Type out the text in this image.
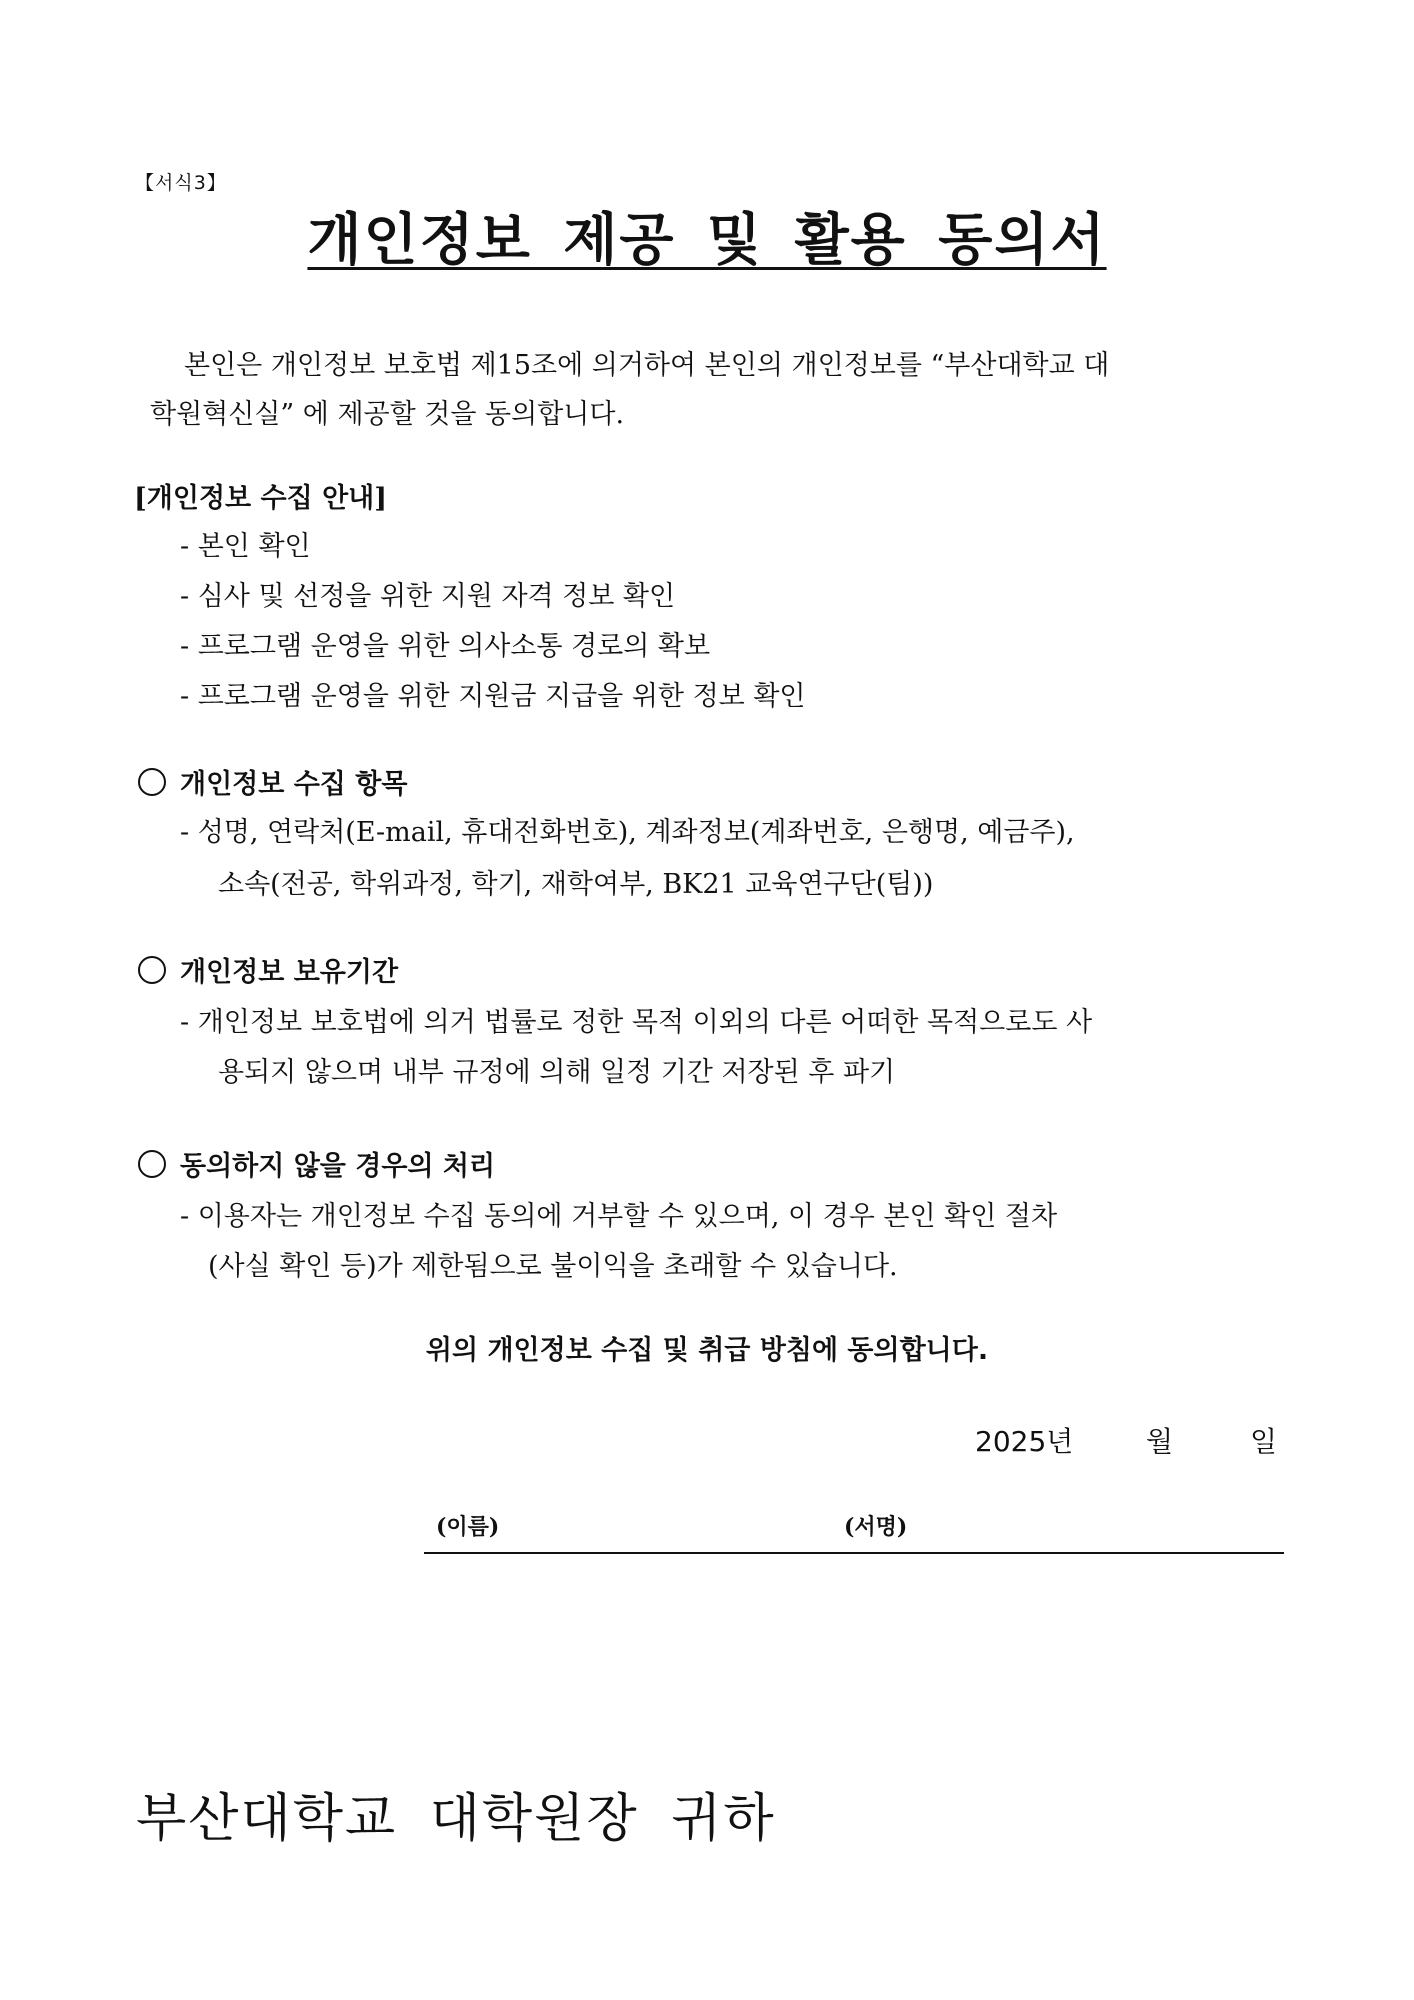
【서식3】
개인정보 제공 및 활용 동의서
본인은 개인정보 보호법 제15조에 의거하여 본인의 개인정보를 “부산대학교 대
학원혁신실” 에 제공할 것을 동의합니다.
[개인정보 수집 안내]
- 본인 확인
- 심사 및 선정을 위한 지원 자격 정보 확인
- 프로그램 운영을 위한 의사소통 경로의 확보
- 프로그램 운영을 위한 지원금 지급을 위한 정보 확인
개인정보 수집 항목
- 성명, 연락처(E-mail, 휴대전화번호), 계좌정보(계좌번호, 은행명, 예금주),
소속(전공, 학위과정, 학기, 재학여부, BK21 교육연구단(팀))
개인정보 보유기간
- 개인정보 보호법에 의거 법률로 정한 목적 이외의 다른 어떠한 목적으로도 사
용되지 않으며 내부 규정에 의해 일정 기간 저장된 후 파기
동의하지 않을 경우의 처리
- 이용자는 개인정보 수집 동의에 거부할 수 있으며, 이 경우 본인 확인 절차
(사실 확인 등)가 제한됨으로 불이익을 초래할 수 있습니다.
위의 개인정보 수집 및 취급 방침에 동의합니다.
2025년	월	일
(이름)	(서명)
부산대학교 대학원장 귀하
